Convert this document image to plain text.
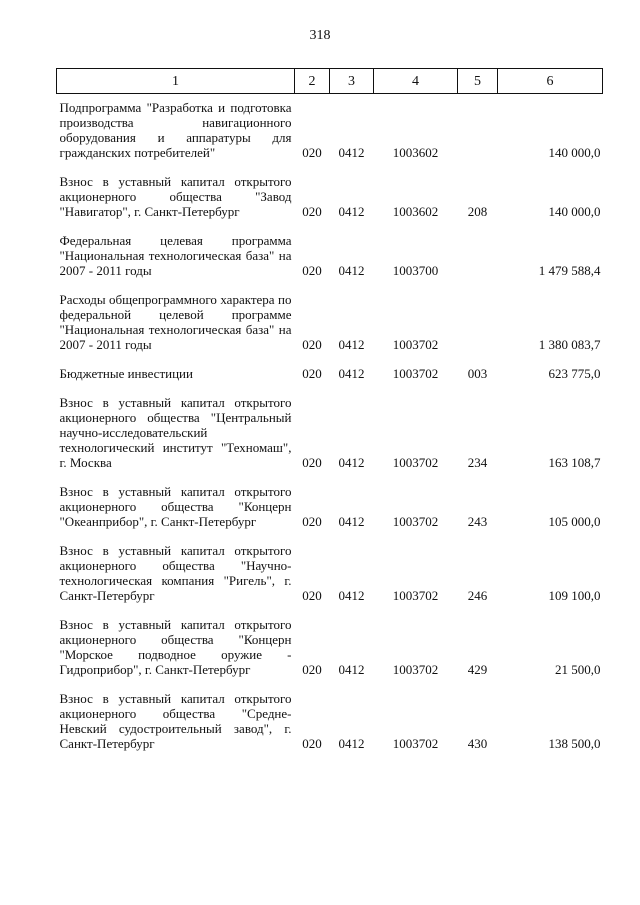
318
1	2	3	4	5	6
Подпрограмма "Разработка и подготовка производства навигационного оборудования и аппаратуры для гражданских потребителей"	020	0412	1003602		140 000,0
Взнос в уставный капитал открытого акционерного общества "Завод "Навигатор", г. Санкт-Петербург	020	0412	1003602	208	140 000,0
Федеральная целевая программа "Национальная технологическая база" на 2007 - 2011 годы	020	0412	1003700		1 479 588,4
Расходы общепрограммного характера по федеральной целевой программе "Национальная технологическая база" на 2007 - 2011 годы	020	0412	1003702		1 380 083,7
Бюджетные инвестиции	020	0412	1003702	003	623 775,0
Взнос в уставный капитал открытого акционерного общества "Центральный научно-исследовательский технологический институт "Техномаш", г. Москва	020	0412	1003702	234	163 108,7
Взнос в уставный капитал открытого акционерного общества "Концерн "Океанприбор", г. Санкт-Петербург	020	0412	1003702	243	105 000,0
Взнос в уставный капитал открытого акционерного общества "Научно-технологическая компания "Ригель", г. Санкт-Петербург	020	0412	1003702	246	109 100,0
Взнос в уставный капитал открытого акционерного общества "Концерн "Морское подводное оружие - Гидроприбор", г. Санкт-Петербург	020	0412	1003702	429	21 500,0
Взнос в уставный капитал открытого акционерного общества "Средне-Невский судостроительный завод", г. Санкт-Петербург	020	0412	1003702	430	138 500,0
